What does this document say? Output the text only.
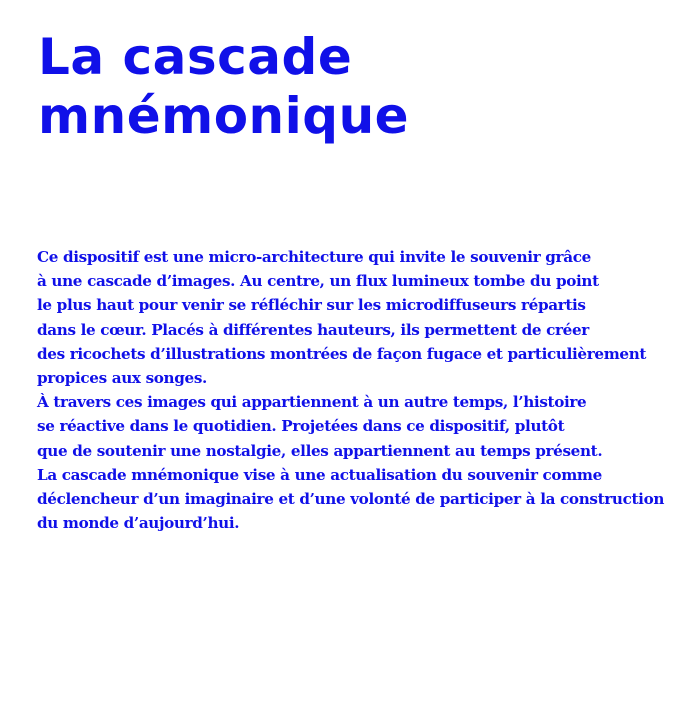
La cascade
mnémonique
Ce dispositif est une micro-architecture qui invite le souvenir grâce
à une cascade d’images. Au centre, un flux lumineux tombe du point
le plus haut pour venir se réfléchir sur les microdiffuseurs répartis
dans le cœur. Placés à différentes hauteurs, ils permettent de créer
des ricochets d’illustrations montrées de façon fugace et particulièrement
propices aux songes.
À travers ces images qui appartiennent à un autre temps, l’histoire
se réactive dans le quotidien. Projetées dans ce dispositif, plutôt
que de soutenir une nostalgie, elles appartiennent au temps présent.
La cascade mnémonique vise à une actualisation du souvenir comme
déclencheur d’un imaginaire et d’une volonté de participer à la construction
du monde d’aujourd’hui.
